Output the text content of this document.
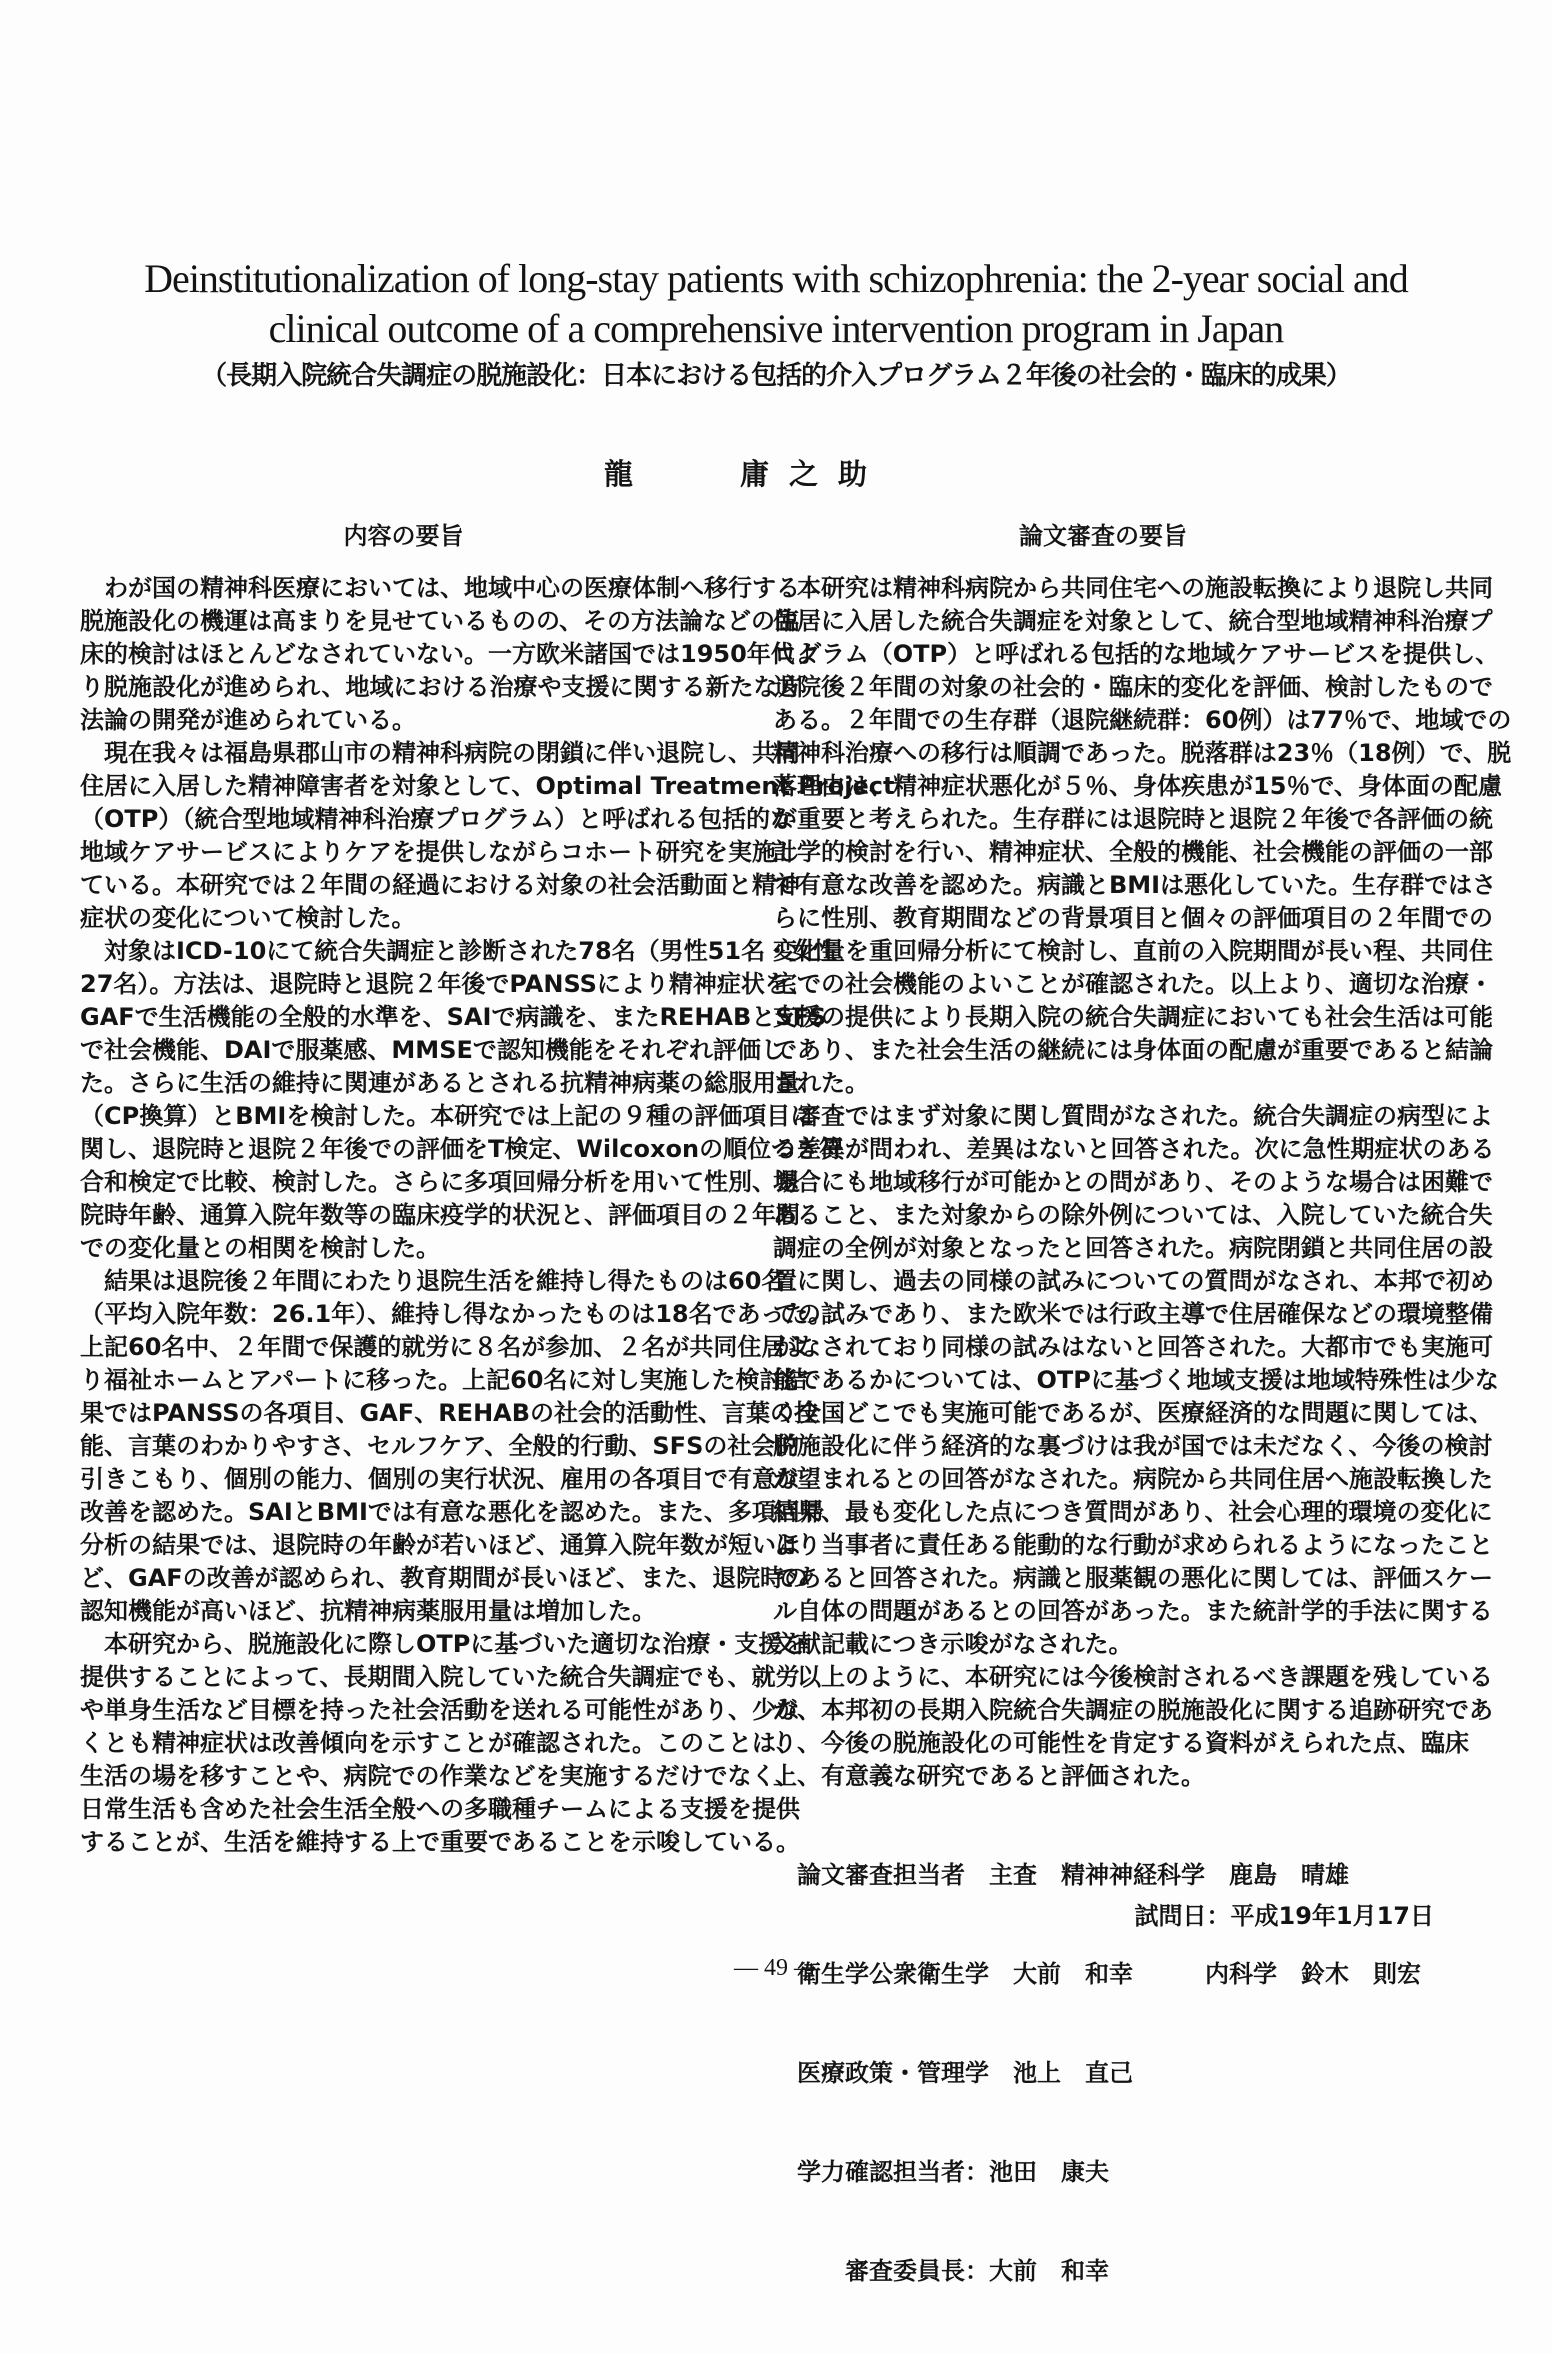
Deinstitutionalization of long-stay patients with schizophrenia: the 2-year social and
clinical outcome of a comprehensive intervention program in Japan
（長期入院統合失調症の脱施設化：日本における包括的介入プログラム２年後の社会的・臨床的成果）
龍	庸之助
内容の要旨	論文審査の要旨
わが国の精神科医療においては、地域中心の医療体制へ移行する
脱施設化の機運は高まりを見せているものの、その方法論などの臨
床的検討はほとんどなされていない。一方欧米諸国では1950年代よ
り脱施設化が進められ、地域における治療や支援に関する新たな方
法論の開発が進められている。
現在我々は福島県郡山市の精神科病院の閉鎖に伴い退院し、共同
住居に入居した精神障害者を対象として、Optimal Treatment Project
（OTP）（統合型地域精神科治療プログラム）と呼ばれる包括的な
地域ケアサービスによりケアを提供しながらコホート研究を実施し
ている。本研究では２年間の経過における対象の社会活動面と精神
症状の変化について検討した。
対象はICD-10にて統合失調症と診断された78名（男性51名・女性
27名）。方法は、退院時と退院２年後でPANSSにより精神症状を、
GAFで生活機能の全般的水準を、SAIで病識を、またREHABとSFS
で社会機能、DAIで服薬感、MMSEで認知機能をそれぞれ評価し
た。さらに生活の維持に関連があるとされる抗精神病薬の総服用量
（CP換算）とBMIを検討した。本研究では上記の９種の評価項目に
関し、退院時と退院２年後での評価をT検定、Wilcoxonの順位つき符
合和検定で比較、検討した。さらに多項回帰分析を用いて性別、退
院時年齢、通算入院年数等の臨床疫学的状況と、評価項目の２年間
での変化量との相関を検討した。
結果は退院後２年間にわたり退院生活を維持し得たものは60名
（平均入院年数：26.1年）、維持し得なかったものは18名であった。
上記60名中、２年間で保護的就労に８名が参加、２名が共同住居よ
り福祉ホームとアパートに移った。上記60名に対し実施した検討結
果ではPANSSの各項目、GAF、REHABの社会的活動性、言葉の技
能、言葉のわかりやすさ、セルフケア、全般的行動、SFSの社会的
引きこもり、個別の能力、個別の実行状況、雇用の各項目で有意な
改善を認めた。SAIとBMIでは有意な悪化を認めた。また、多項回帰
分析の結果では、退院時の年齢が若いほど、通算入院年数が短いほ
ど、GAFの改善が認められ、教育期間が長いほど、また、退院時の
認知機能が高いほど、抗精神病薬服用量は増加した。
本研究から、脱施設化に際しOTPに基づいた適切な治療・支援を
提供することによって、長期間入院していた統合失調症でも、就労
や単身生活など目標を持った社会活動を送れる可能性があり、少な
くとも精神症状は改善傾向を示すことが確認された。このことは、
生活の場を移すことや、病院での作業などを実施するだけでなく、
日常生活も含めた社会生活全般への多職種チームによる支援を提供
することが、生活を維持する上で重要であることを示唆している。
本研究は精神科病院から共同住宅への施設転換により退院し共同
住居に入居した統合失調症を対象として、統合型地域精神科治療プ
ログラム（OTP）と呼ばれる包括的な地域ケアサービスを提供し、
退院後２年間の対象の社会的・臨床的変化を評価、検討したもので
ある。２年間での生存群（退院継続群：60例）は77％で、地域での
精神科治療への移行は順調であった。脱落群は23％（18例）で、脱
落理由は、精神症状悪化が５％、身体疾患が15％で、身体面の配慮
が重要と考えられた。生存群には退院時と退院２年後で各評価の統
計学的検討を行い、精神症状、全般的機能、社会機能の評価の一部
で有意な改善を認めた。病識とBMIは悪化していた。生存群ではさ
らに性別、教育期間などの背景項目と個々の評価項目の２年間での
変化量を重回帰分析にて検討し、直前の入院期間が長い程、共同住
宅での社会機能のよいことが確認された。以上より、適切な治療・
支援の提供により長期入院の統合失調症においても社会生活は可能
であり、また社会生活の継続には身体面の配慮が重要であると結論
された。
審査ではまず対象に関し質問がなされた。統合失調症の病型によ
る差異が問われ、差異はないと回答された。次に急性期症状のある
場合にも地域移行が可能かとの問があり、そのような場合は困難で
あること、また対象からの除外例については、入院していた統合失
調症の全例が対象となったと回答された。病院閉鎖と共同住居の設
置に関し、過去の同様の試みについての質問がなされ、本邦で初め
ての試みであり、また欧米では行政主導で住居確保などの環境整備
がなされており同様の試みはないと回答された。大都市でも実施可
能であるかについては、OTPに基づく地域支援は地域特殊性は少な
く全国どこでも実施可能であるが、医療経済的な問題に関しては、
脱施設化に伴う経済的な裏づけは我が国では未だなく、今後の検討
が望まれるとの回答がなされた。病院から共同住居へ施設転換した
結果、最も変化した点につき質問があり、社会心理的環境の変化に
より当事者に責任ある能動的な行動が求められるようになったこと
であると回答された。病識と服薬観の悪化に関しては、評価スケー
ル自体の問題があるとの回答があった。また統計学的手法に関する
文献記載につき示唆がなされた。
以上のように、本研究には今後検討されるべき課題を残している
が、本邦初の長期入院統合失調症の脱施設化に関する追跡研究であ
り、今後の脱施設化の可能性を肯定する資料がえられた点、臨床
上、有意義な研究であると評価された。

論文審査担当者　主査　精神神経科学　鹿島　晴雄

衛生学公衆衛生学　大前　和幸　　　内科学　鈴木　則宏

医療政策・管理学　池上　直己

学力確認担当者：池田　康夫

審査委員長：大前　和幸

試問日：平成19年1月17日
— 49 —
